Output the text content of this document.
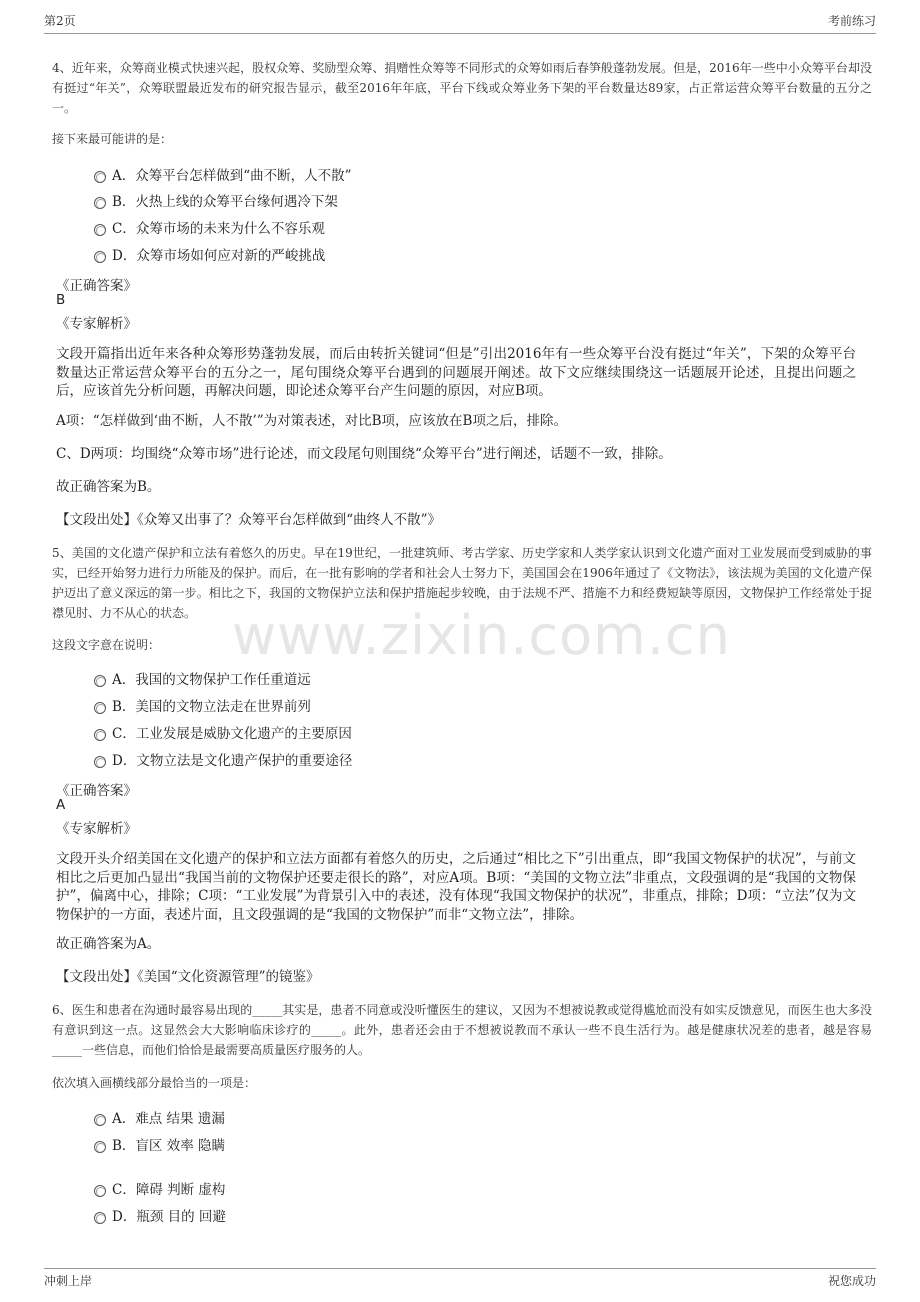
第2页	考前练习
www.zixin.com.cn
4、近年来，众筹商业模式快速兴起，股权众筹、奖励型众筹、捐赠性众筹等不同形式的众筹如雨后春笋般蓬勃发展。但是，2016年一些中小众筹平台却没有挺过“年关”，众筹联盟最近发布的研究报告显示，截至2016年年底，平台下线或众筹业务下架的平台数量达89家，占正常运营众筹平台数量的五分之一。
接下来最可能讲的是：
A．众筹平台怎样做到“曲不断，人不散”
B．火热上线的众筹平台缘何遇冷下架
C．众筹市场的未来为什么不容乐观
D．众筹市场如何应对新的严峻挑战
《正确答案》
B
《专家解析》
文段开篇指出近年来各种众筹形势蓬勃发展，而后由转折关键词“但是”引出2016年有一些众筹平台没有挺过“年关”，下架的众筹平台数量达正常运营众筹平台的五分之一，尾句围绕众筹平台遇到的问题展开阐述。故下文应继续围绕这一话题展开论述，且提出问题之后，应该首先分析问题，再解决问题，即论述众筹平台产生问题的原因，对应B项。
A项：“怎样做到‘曲不断，人不散’”为对策表述，对比B项，应该放在B项之后，排除。
C、D两项：均围绕“众筹市场”进行论述，而文段尾句则围绕“众筹平台”进行阐述，话题不一致，排除。
故正确答案为B。
【文段出处】《众筹又出事了？众筹平台怎样做到“曲终人不散”》
5、美国的文化遗产保护和立法有着悠久的历史。早在19世纪，一批建筑师、考古学家、历史学家和人类学家认识到文化遗产面对工业发展而受到威胁的事实，已经开始努力进行力所能及的保护。而后，在一批有影响的学者和社会人士努力下，美国国会在1906年通过了《文物法》，该法规为美国的文化遗产保护迈出了意义深远的第一步。相比之下，我国的文物保护立法和保护措施起步较晚，由于法规不严、措施不力和经费短缺等原因，文物保护工作经常处于捉襟见肘、力不从心的状态。
这段文字意在说明：
A．我国的文物保护工作任重道远
B．美国的文物立法走在世界前列
C．工业发展是威胁文化遗产的主要原因
D．文物立法是文化遗产保护的重要途径
《正确答案》
A
《专家解析》
文段开头介绍美国在文化遗产的保护和立法方面都有着悠久的历史，之后通过“相比之下”引出重点，即“我国文物保护的状况”，与前文相比之后更加凸显出“我国当前的文物保护还要走很长的路”，对应A项。B项：“美国的文物立法”非重点，文段强调的是“我国的文物保护”，偏离中心，排除；C项：“工业发展”为背景引入中的表述，没有体现“我国文物保护的状况”，非重点，排除；D项：“立法”仅为文物保护的一方面，表述片面，且文段强调的是“我国的文物保护”而非“文物立法”，排除。
故正确答案为A。
【文段出处】《美国“文化资源管理”的镜鉴》
6、医生和患者在沟通时最容易出现的_____其实是，患者不同意或没听懂医生的建议，又因为不想被说教或觉得尴尬而没有如实反馈意见，而医生也大多没有意识到这一点。这显然会大大影响临床诊疗的_____。此外，患者还会由于不想被说教而不承认一些不良生活行为。越是健康状况差的患者，越是容易_____一些信息，而他们恰恰是最需要高质量医疗服务的人。
依次填入画横线部分最恰当的一项是：
A．难点 结果 遗漏
B．盲区 效率 隐瞒
C．障碍 判断 虚构
D．瓶颈 目的 回避
冲刺上岸	祝您成功
